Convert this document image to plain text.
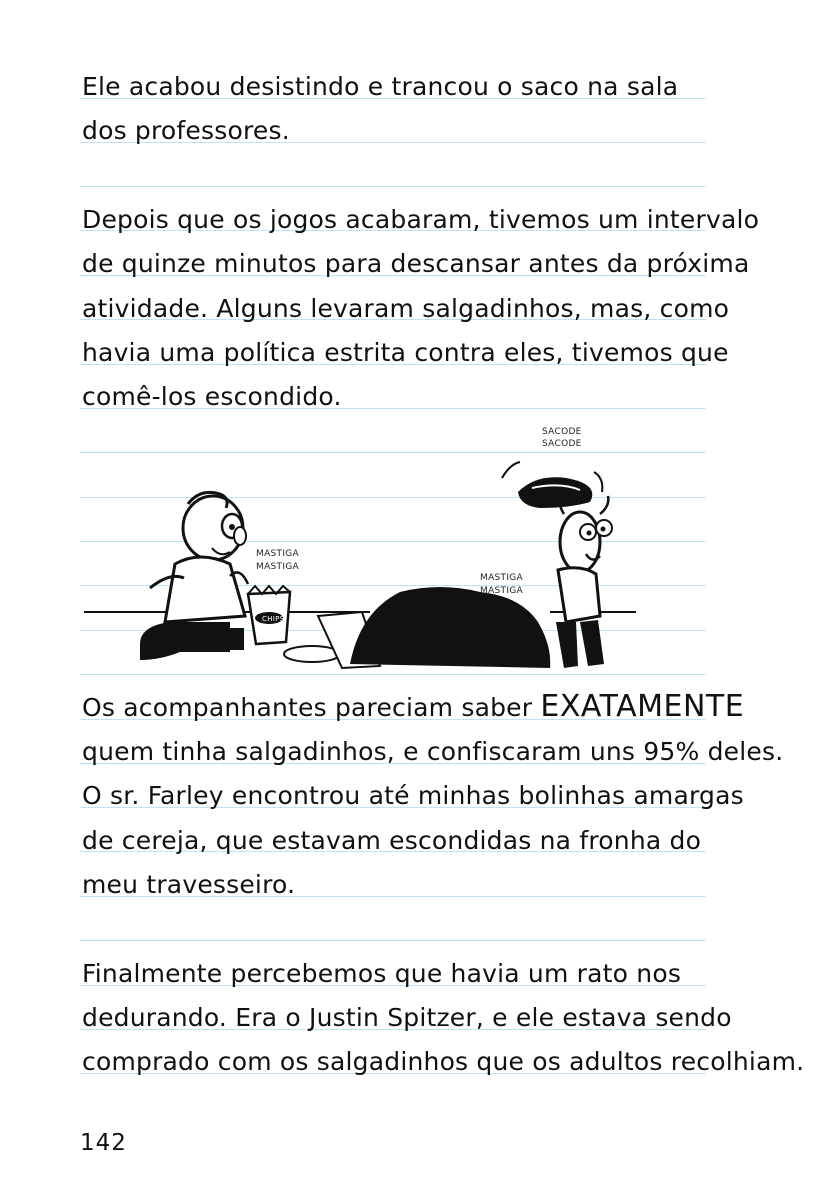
Ele acabou desistindo e trancou o saco na sala
dos professores.
Depois que os jogos acabaram, tivemos um intervalo
de quinze minutos para descansar antes da próxima
atividade. Alguns levaram salgadinhos, mas, como
havia uma política estrita contra eles, tivemos que
comê-los escondido.
CHIPS
SACODE
SACODE
MASTIGA
MASTIGA
MASTIGA
MASTIGA
Os acompanhantes pareciam saber EXATAMENTE
quem tinha salgadinhos, e confiscaram uns 95% deles.
O sr. Farley encontrou até minhas bolinhas amargas
de cereja, que estavam escondidas na fronha do
meu travesseiro.
Finalmente percebemos que havia um rato nos
dedurando. Era o Justin Spitzer, e ele estava sendo
comprado com os salgadinhos que os adultos recolhiam.
142
